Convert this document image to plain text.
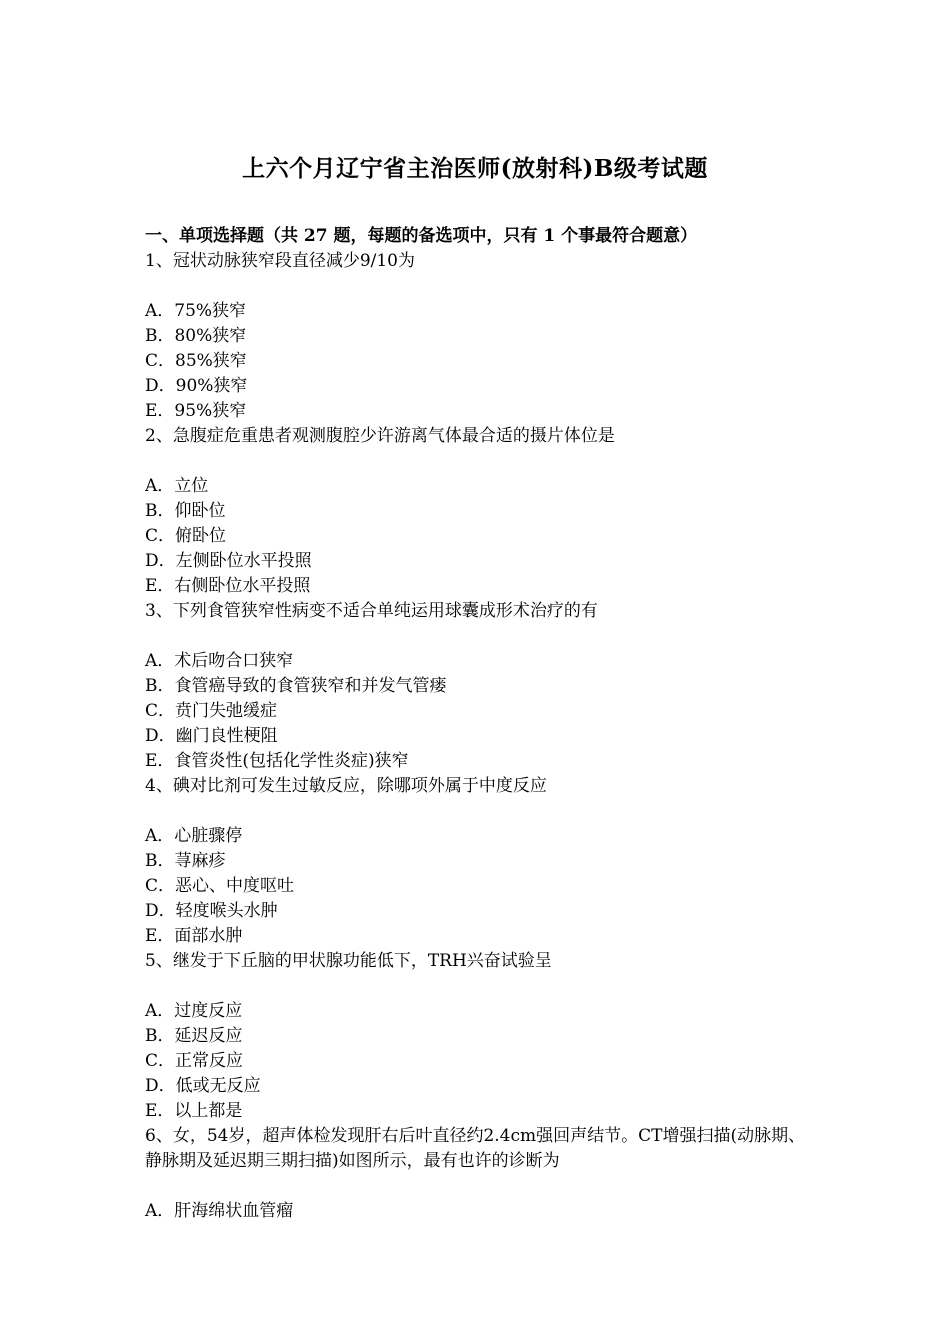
上六个月辽宁省主治医师(放射科)B级考试题
一、单项选择题（共 27 题，每题的备选项中，只有 1 个事最符合题意）
1、冠状动脉狭窄段直径减少9/10为
A．75%狭窄
B．80%狭窄
C．85%狭窄
D．90%狭窄
E．95%狭窄
2、急腹症危重患者观测腹腔少许游离气体最合适的摄片体位是
A．立位
B．仰卧位
C．俯卧位
D．左侧卧位水平投照
E．右侧卧位水平投照
3、下列食管狭窄性病变不适合单纯运用球囊成形术治疗的有
A．术后吻合口狭窄
B．食管癌导致的食管狭窄和并发气管瘘
C．贲门失弛缓症
D．幽门良性梗阻
E．食管炎性(包括化学性炎症)狭窄
4、碘对比剂可发生过敏反应，除哪项外属于中度反应
A．心脏骤停
B．荨麻疹
C．恶心、中度呕吐
D．轻度喉头水肿
E．面部水肿
5、继发于下丘脑的甲状腺功能低下，TRH兴奋试验呈
A．过度反应
B．延迟反应
C．正常反应
D．低或无反应
E．以上都是
6、女，54岁，超声体检发现肝右后叶直径约2.4cm强回声结节。CT增强扫描(动脉期、静脉期及延迟期三期扫描)如图所示，最有也许的诊断为
A．肝海绵状血管瘤
